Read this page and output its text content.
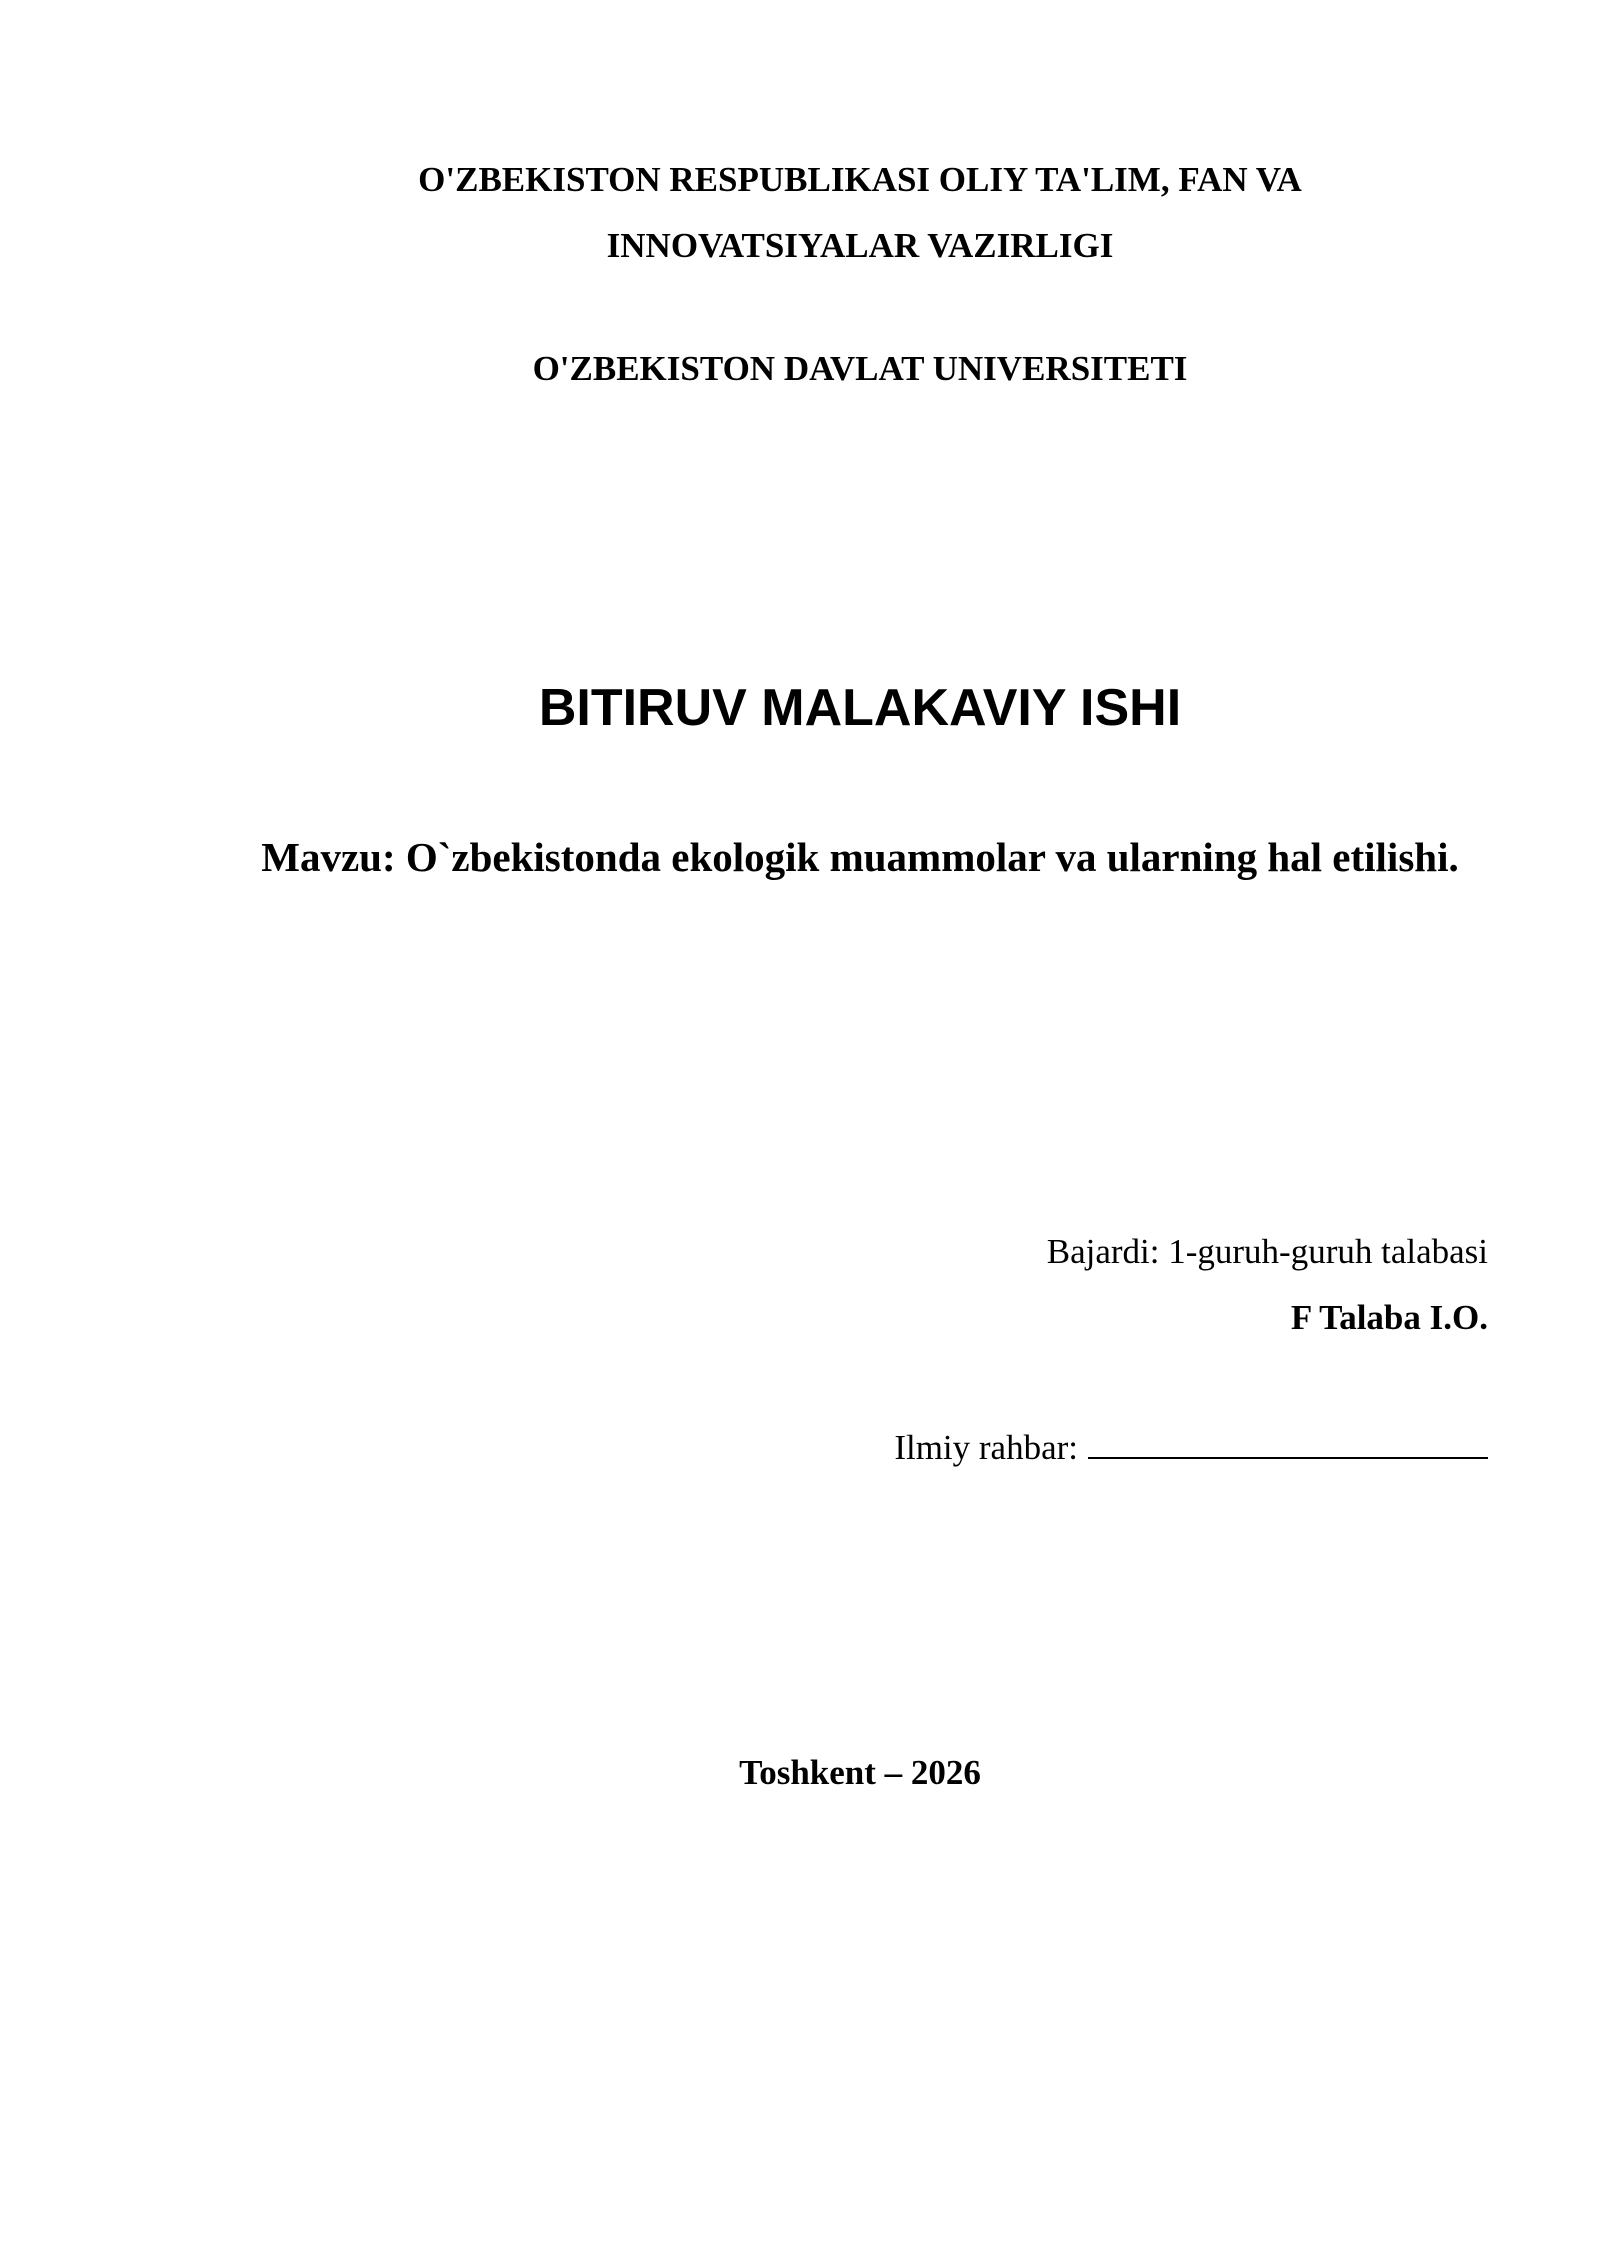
O'ZBEKISTON RESPUBLIKASI OLIY TA'LIM, FAN VA
INNOVATSIYALAR VAZIRLIGI
O'ZBEKISTON DAVLAT UNIVERSITETI
BITIRUV MALAKAVIY ISHI
Mavzu: O`zbekistonda ekologik muammolar va ularning hal etilishi.
Bajardi: 1-guruh-guruh talabasi
F Talaba I.O.
Ilmiy rahbar:
Toshkent – 2026
